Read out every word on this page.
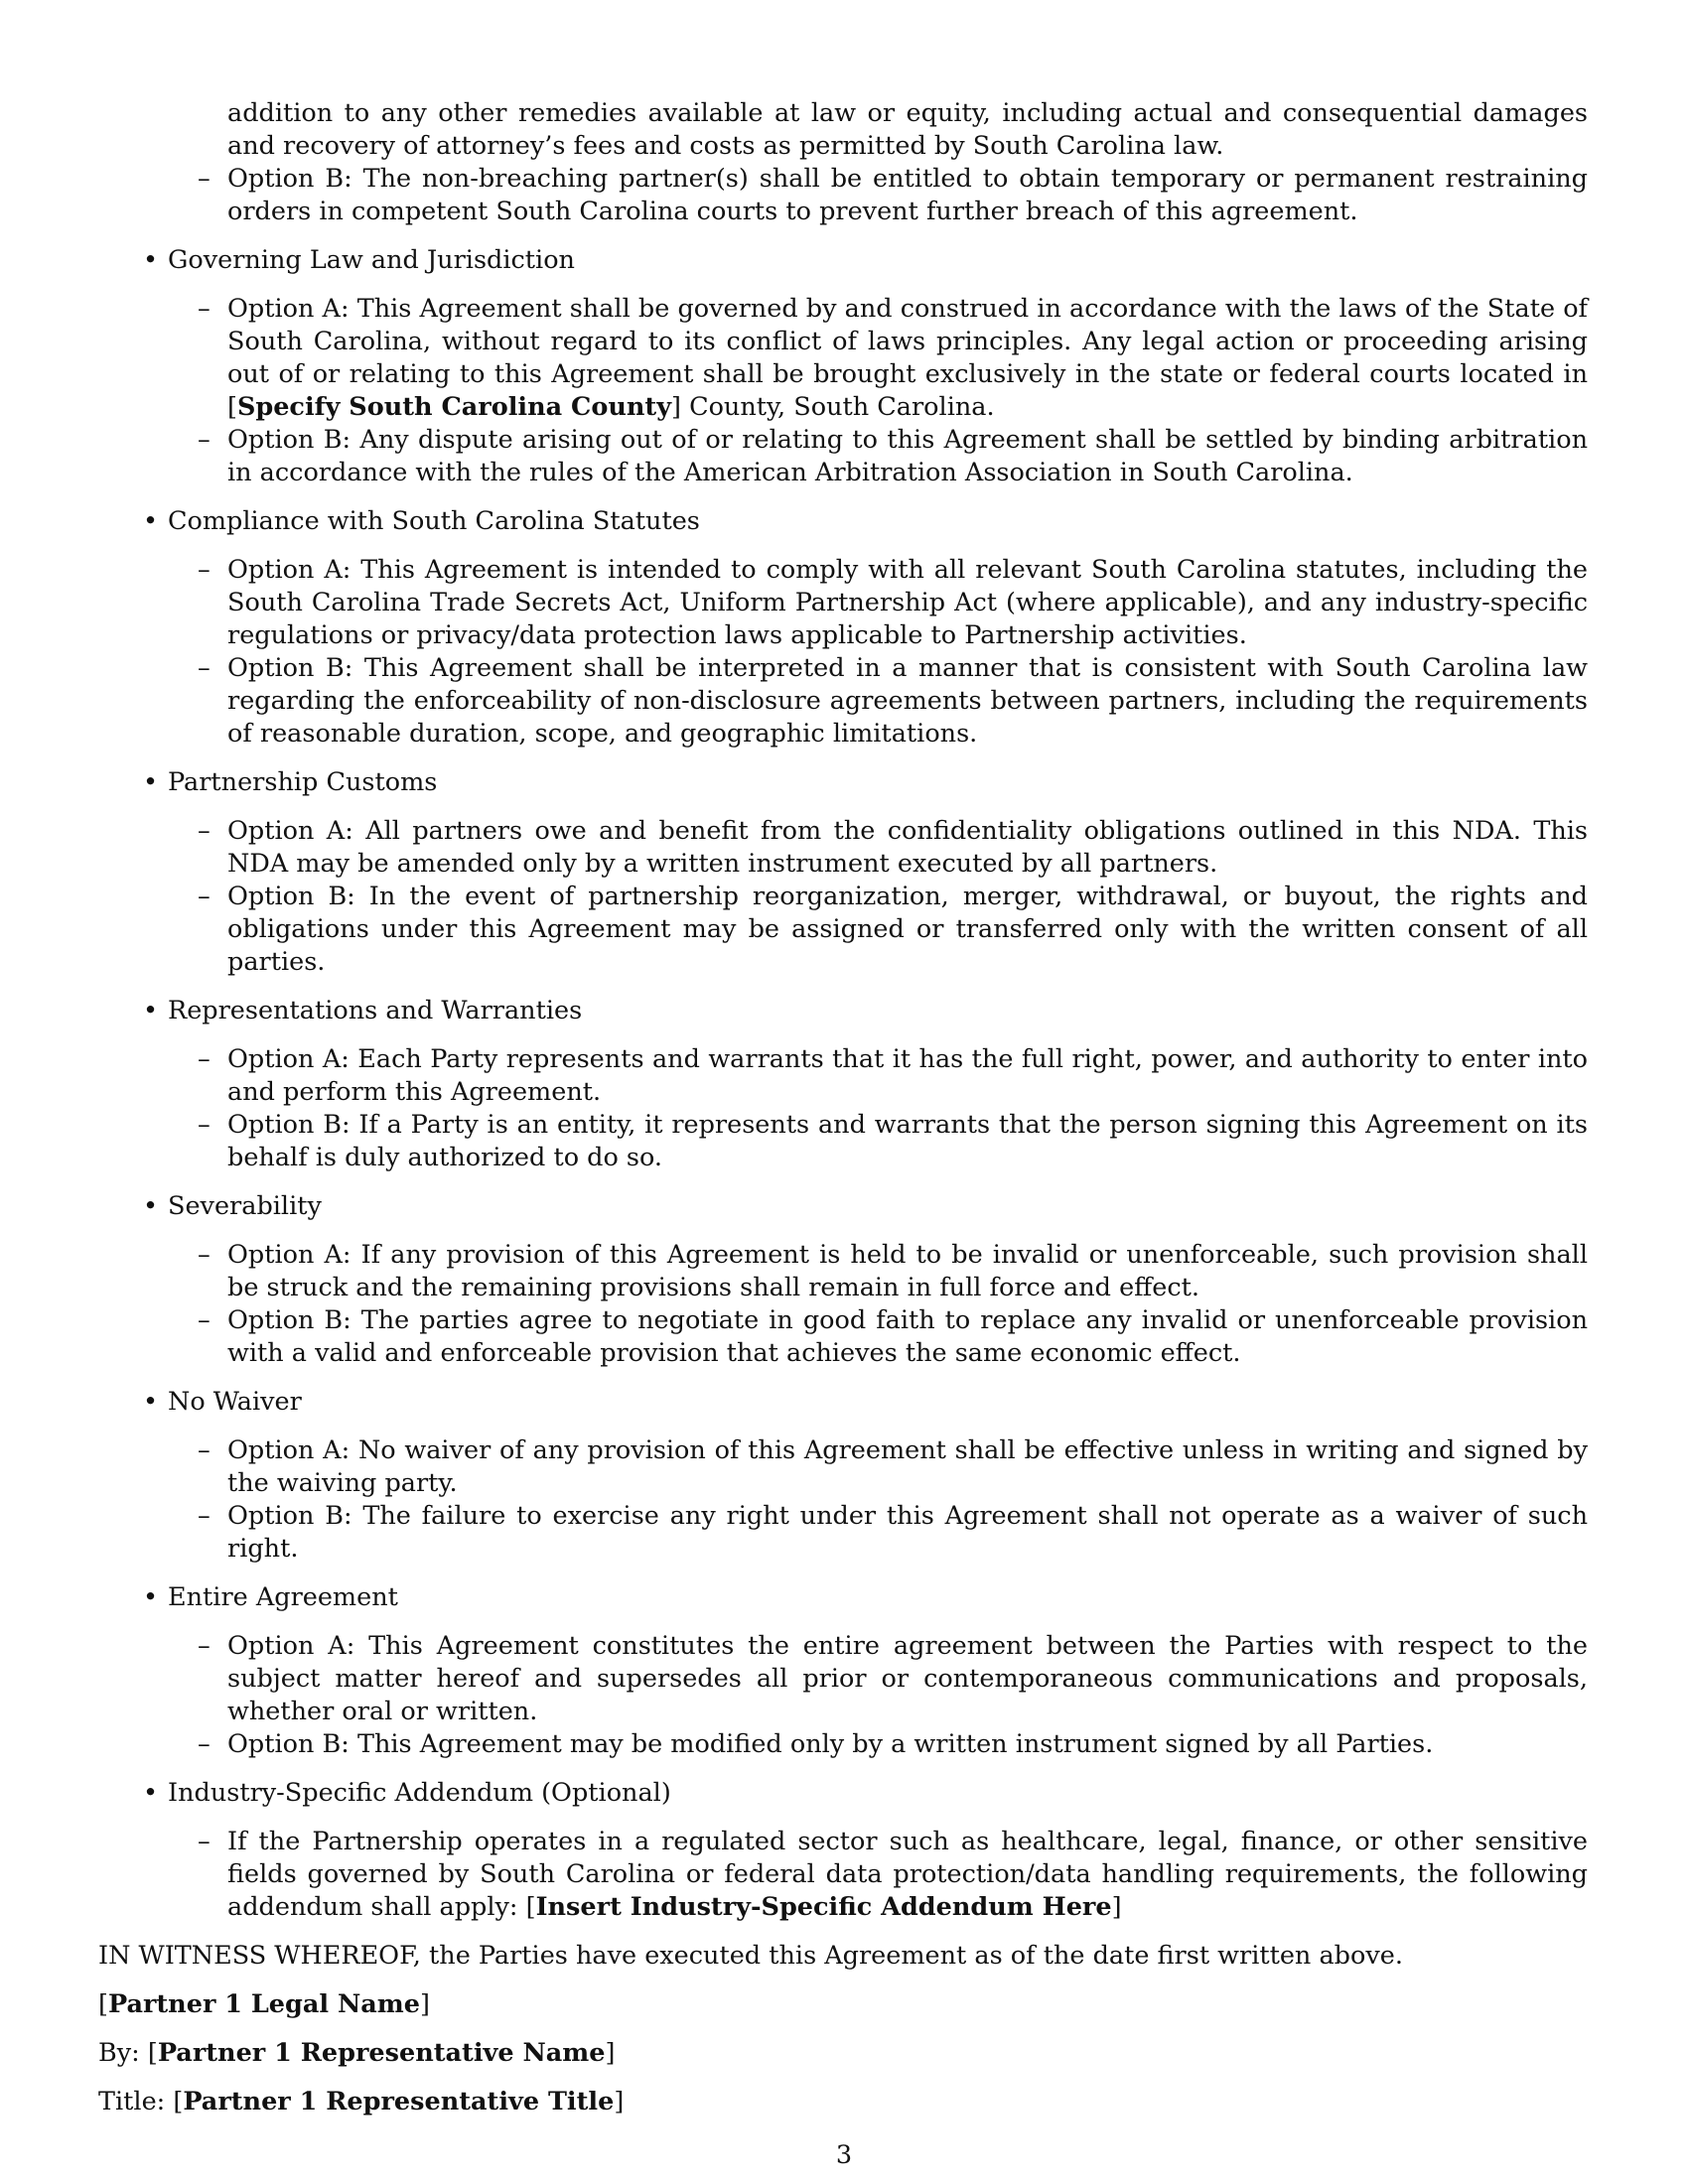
addition to any other remedies available at law or equity, including actual and consequential damages and recovery of attorney’s fees and costs as permitted by South Carolina law.
– Option B: The non-breaching partner(s) shall be entitled to obtain temporary or permanent restraining orders in competent South Carolina courts to prevent further breach of this agreement.
• Governing Law and Jurisdiction
– Option A: This Agreement shall be governed by and construed in accordance with the laws of the State of South Carolina, without regard to its conflict of laws principles. Any legal action or proceeding arising out of or relating to this Agreement shall be brought exclusively in the state or federal courts located in [Specify South Carolina County] County, South Carolina.
– Option B: Any dispute arising out of or relating to this Agreement shall be settled by binding arbitration in accordance with the rules of the American Arbitration Association in South Carolina.
• Compliance with South Carolina Statutes
– Option A: This Agreement is intended to comply with all relevant South Carolina statutes, including the South Carolina Trade Secrets Act, Uniform Partnership Act (where applicable), and any industry-specific regulations or privacy/data protection laws applicable to Partnership activities.
– Option B: This Agreement shall be interpreted in a manner that is consistent with South Carolina law regarding the enforceability of non-disclosure agreements between partners, including the requirements of reasonable duration, scope, and geographic limitations.
• Partnership Customs
– Option A: All partners owe and benefit from the confidentiality obligations outlined in this NDA. This NDA may be amended only by a written instrument executed by all partners.
– Option B: In the event of partnership reorganization, merger, withdrawal, or buyout, the rights and obligations under this Agreement may be assigned or transferred only with the written consent of all parties.
• Representations and Warranties
– Option A: Each Party represents and warrants that it has the full right, power, and authority to enter into and perform this Agreement.
– Option B: If a Party is an entity, it represents and warrants that the person signing this Agreement on its behalf is duly authorized to do so.
• Severability
– Option A: If any provision of this Agreement is held to be invalid or unenforceable, such provision shall be struck and the remaining provisions shall remain in full force and effect.
– Option B: The parties agree to negotiate in good faith to replace any invalid or unenforceable provision with a valid and enforceable provision that achieves the same economic effect.
• No Waiver
– Option A: No waiver of any provision of this Agreement shall be effective unless in writing and signed by the waiving party.
– Option B: The failure to exercise any right under this Agreement shall not operate as a waiver of such right.
• Entire Agreement
– Option A: This Agreement constitutes the entire agreement between the Parties with respect to the subject matter hereof and supersedes all prior or contemporaneous communications and proposals, whether oral or written.
– Option B: This Agreement may be modified only by a written instrument signed by all Parties.
• Industry-Specific Addendum (Optional)
– If the Partnership operates in a regulated sector such as healthcare, legal, finance, or other sensitive fields governed by South Carolina or federal data protection/data handling requirements, the following addendum shall apply: [Insert Industry-Specific Addendum Here]
IN WITNESS WHEREOF, the Parties have executed this Agreement as of the date first written above.
[Partner 1 Legal Name]
By: [Partner 1 Representative Name]
Title: [Partner 1 Representative Title]
3
